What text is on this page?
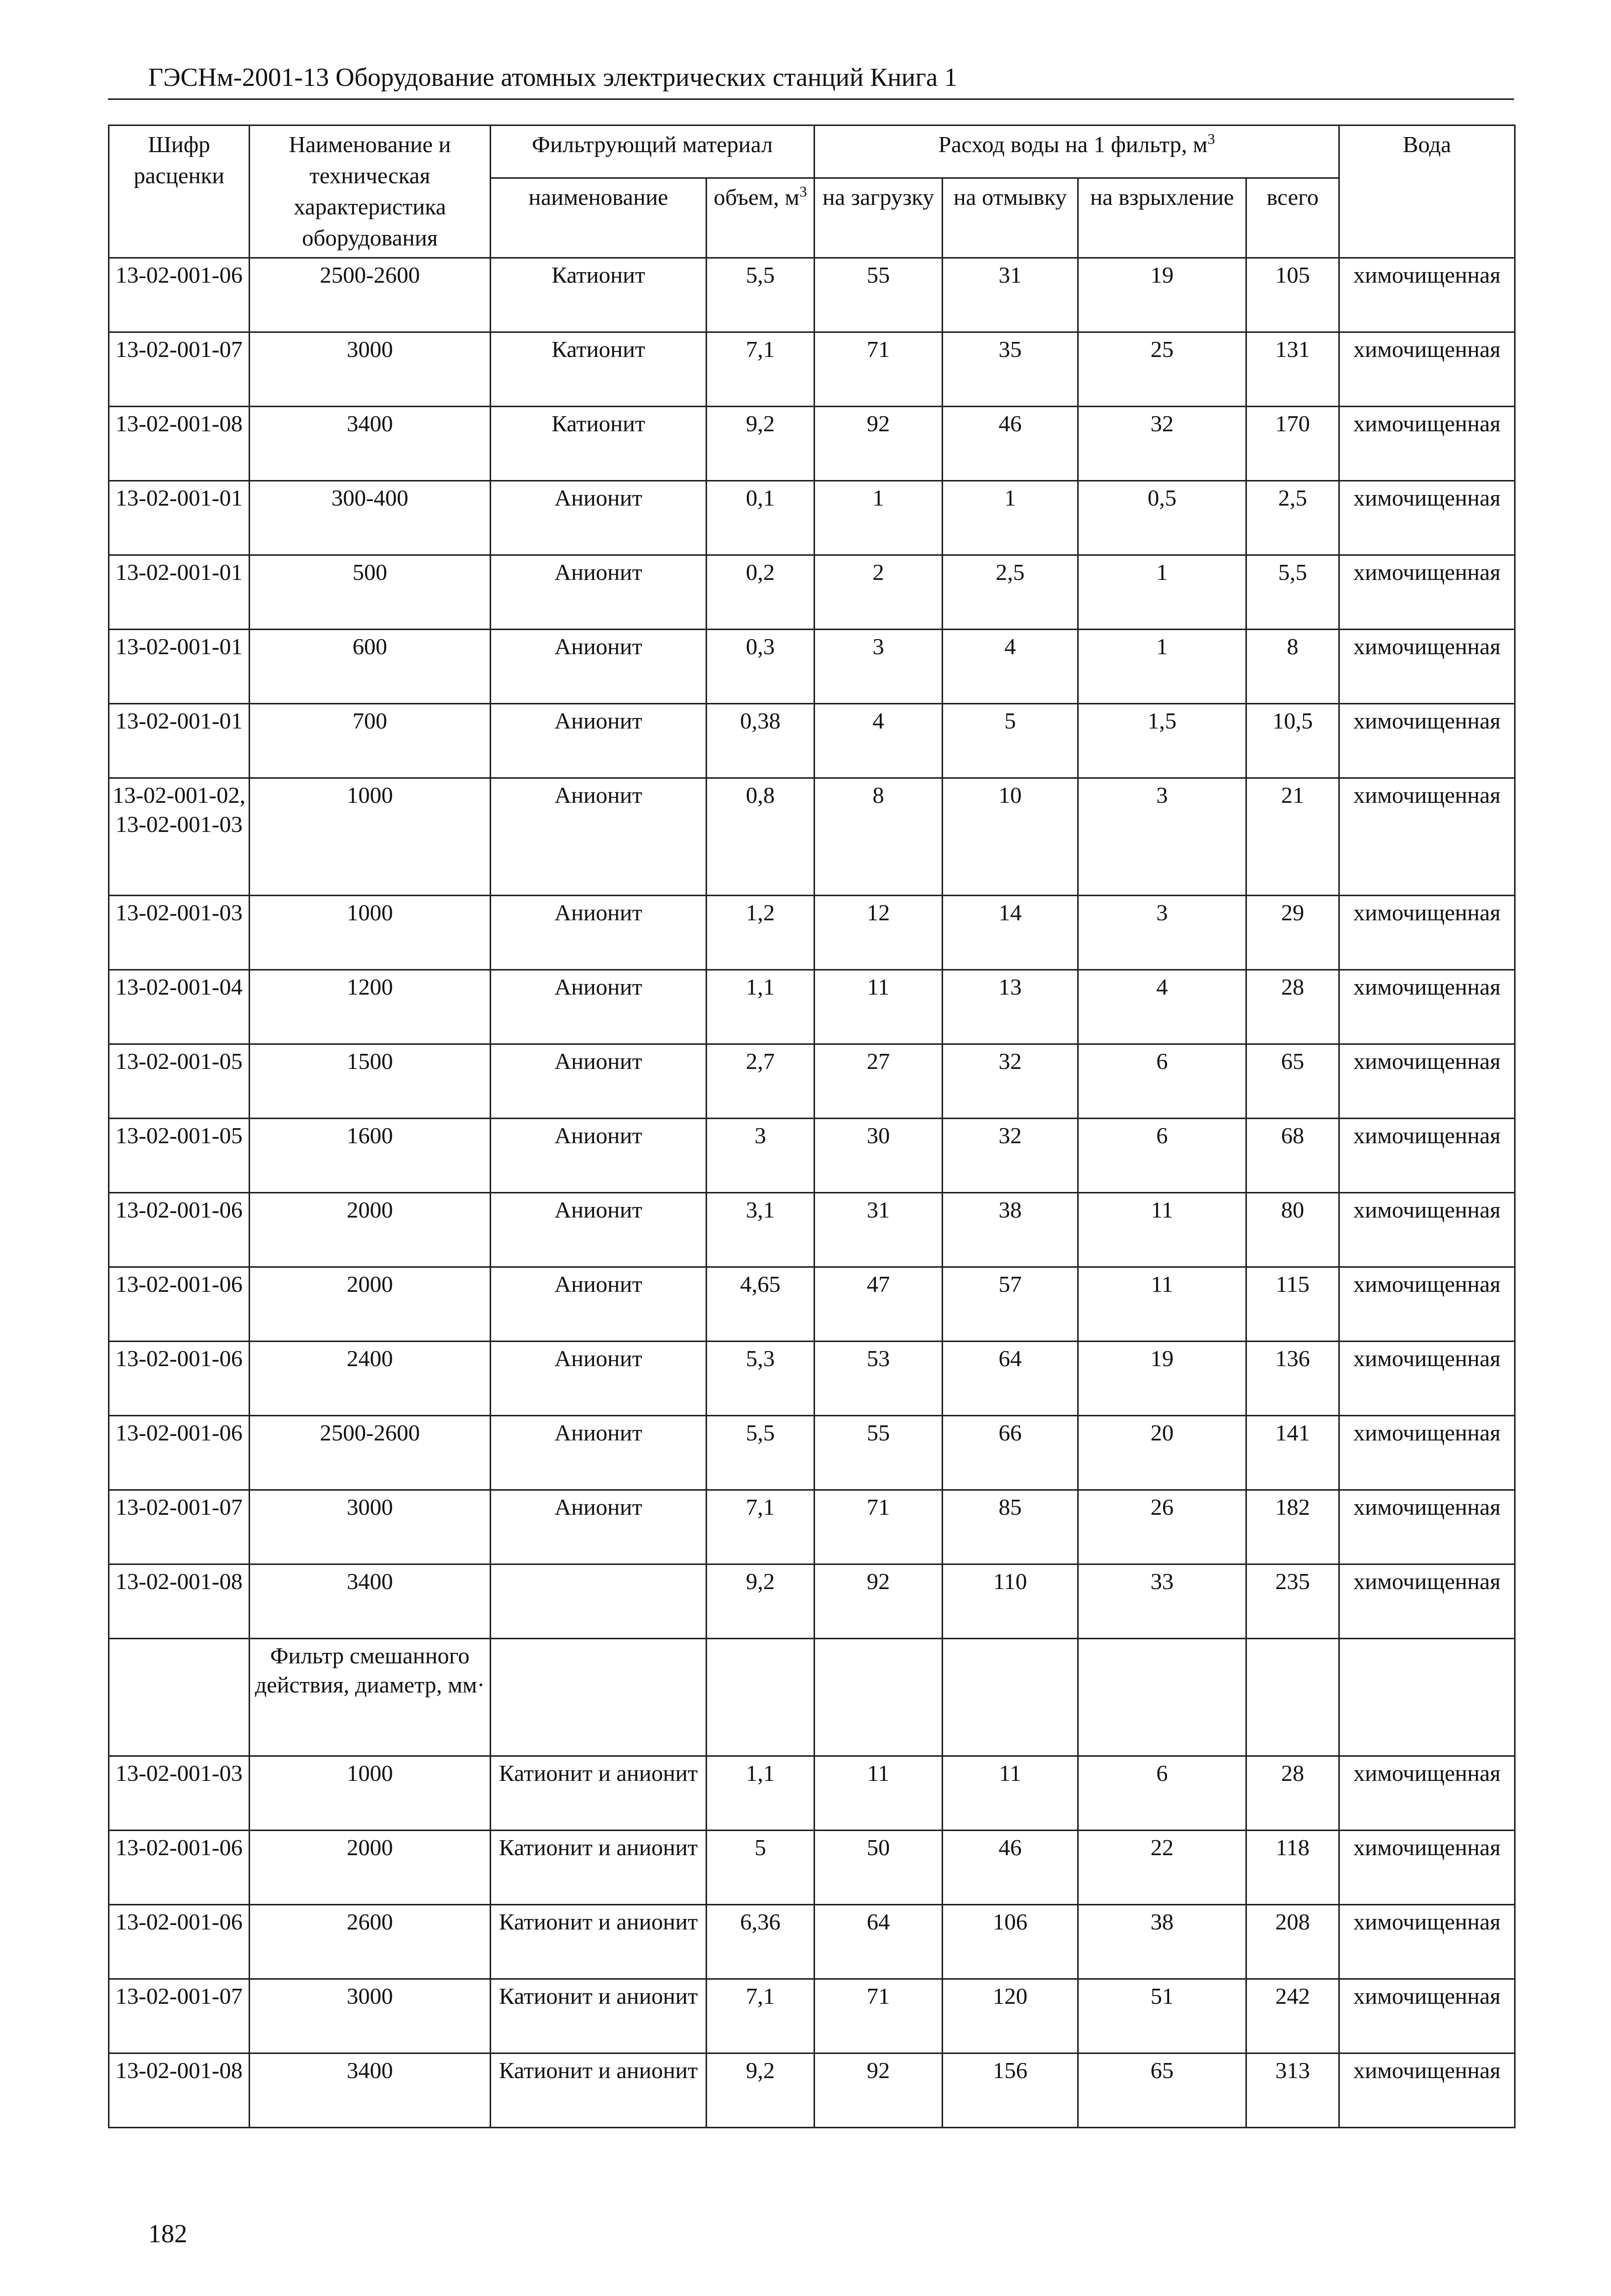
ГЭСНм-2001-13 Оборудование атомных электрических станций Книга 1
Шифр расценки	Наименование и техническая характеристика оборудования	Фильтрующий материал		Расход воды на 1 фильтр, $м^3$				Вода
		наименование	объем, $м^3$	на загрузку	на отмывку	на взрыхление	всего	
13-02-001-06	2500-2600	Катионит	5,5	55	31	19	105	химочищенная
13-02-001-07	3000	Катионит	7,1	71	35	25	131	химочищенная
13-02-001-08	3400	Катионит	9,2	92	46	32	170	химочищенная
13-02-001-01	300-400	Анионит	0,1	1	1	0,5	2,5	химочищенная
13-02-001-01	500	Анионит	0,2	2	2,5	1	5,5	химочищенная
13-02-001-01	600	Анионит	0,3	3	4	1	8	химочищенная
13-02-001-01	700	Анионит	0,38	4	5	1,5	10,5	химочищенная
13-02-001-02, 13-02-001-03	1000	Анионит	0,8	8	10	3	21	химочищенная
13-02-001-03	1000	Анионит	1,2	12	14	3	29	химочищенная
13-02-001-04	1200	Анионит	1,1	11	13	4	28	химочищенная
13-02-001-05	1500	Анионит	2,7	27	32	6	65	химочищенная
13-02-001-05	1600	Анионит	3	30	32	6	68	химочищенная
13-02-001-06	2000	Анионит	3,1	31	38	11	80	химочищенная
13-02-001-06	2000	Анионит	4,65	47	57	11	115	химочищенная
13-02-001-06	2400	Анионит	5,3	53	64	19	136	химочищенная
13-02-001-06	2500-2600	Анионит	5,5	55	66	20	141	химочищенная
13-02-001-07	3000	Анионит	7,1	71	85	26	182	химочищенная
13-02-001-08	3400		9,2	92	110	33	235	химочищенная
	Фильтр смешанного действия, диаметр, мм·							
13-02-001-03	1000	Катионит и анионит	1,1	11	11	6	28	химочищенная
13-02-001-06	2000	Катионит и анионит	5	50	46	22	118	химочищенная
13-02-001-06	2600	Катионит и анионит	6,36	64	106	38	208	химочищенная
13-02-001-07	3000	Катионит и анионит	7,1	71	120	51	242	химочищенная
13-02-001-08	3400	Катионит и анионит	9,2	92	156	65	313	химочищенная
182
